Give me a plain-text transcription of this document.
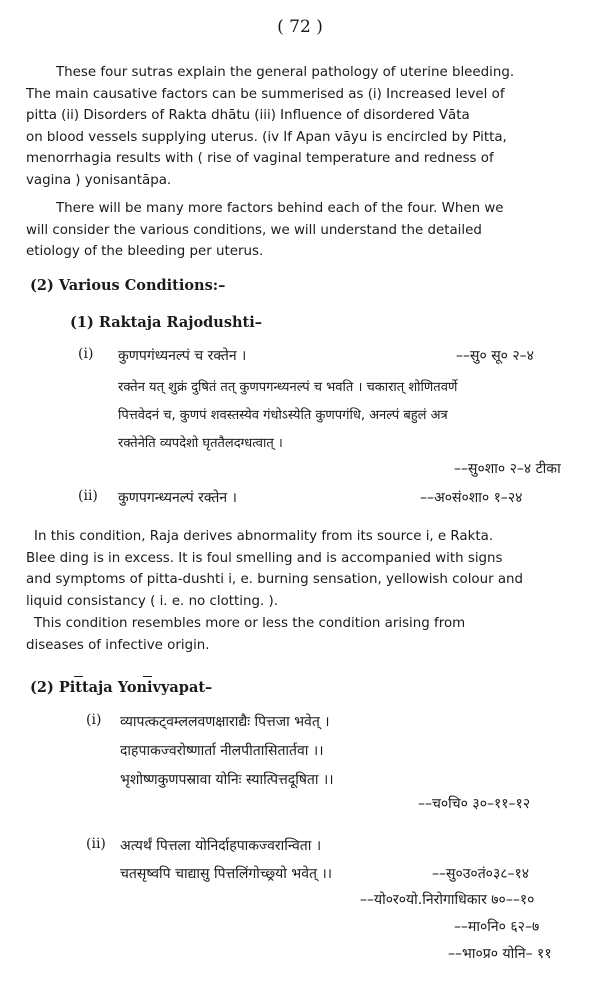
( 72 )
These four sutras explain the general pathology of uterine bleeding.
The main causative factors can be summerised as (i) Increased level of
pitta (ii) Disorders of Rakta dhātu (iii) Influence of disordered Vāta
on blood vessels supplying uterus. (iv If Apan vāyu is encircled by Pitta,
menorrhagia results with ( rise of vaginal temperature and redness of
vagina ) yonisantāpa.
There will be many more factors behind each of the four. When we
will consider the various conditions, we will understand the detailed
etiology of the bleeding per uterus.
(2) Various Conditions:–
(1) Raktaja Rajodushti–
(i) कुणपगंध्यनल्पं च रक्तेन ।	––सु० सू० २–४
रक्तेन यत् शुक्रं दुषितं तत् कुणपगन्ध्यनल्पं च भवति । चकारात् शोणितवर्णे
पित्तवेदनं च, कुणपं शवस्तस्येव गंधोऽस्येति कुणपगंधि, अनल्पं बहुलं अत्र
रक्तेनेति व्यपदेशो घृततैलदग्धत्वात् ।
––सु०शा० २–४ टीका
(ii) कुणपगन्ध्यनल्पं रक्तेन ।	––अ०सं०शा० १–२४
In this condition, Raja derives abnormality from its source i, e Rakta.
Blee ding is in excess. It is foul smelling and is accompanied with signs
and symptoms of pitta-dushti i, e. burning sensation, yellowish colour and
liquid consistancy ( i. e. no clotting. ).
This condition resembles more or less the condition arising from
diseases of infective origin.
(2) Pittaja Yonivyapat–
(i) व्यापत्कट्वम्ललवणक्षाराद्यैः पित्तजा भवेत् ।
दाहपाकज्वरोष्णार्ता नीलपीतासितार्तवा ।।
भृशोष्णकुणपस्रावा योनिः स्यात्पित्तदूषिता ।।
––च०चि० ३०–११–१२
(ii) अत्यर्थं पित्तला योनिर्दाहपाकज्वरान्विता ।
चतसृष्वपि चाद्यासु पित्तलिंगोच्छ्र्यो भवेत् ।।	––सु०उ०तं०३८–१४
––यो०र०यो.निरोगाधिकार ७०––१०
––मा०नि० ६२–७
––भा०प्र० योनि– ११
